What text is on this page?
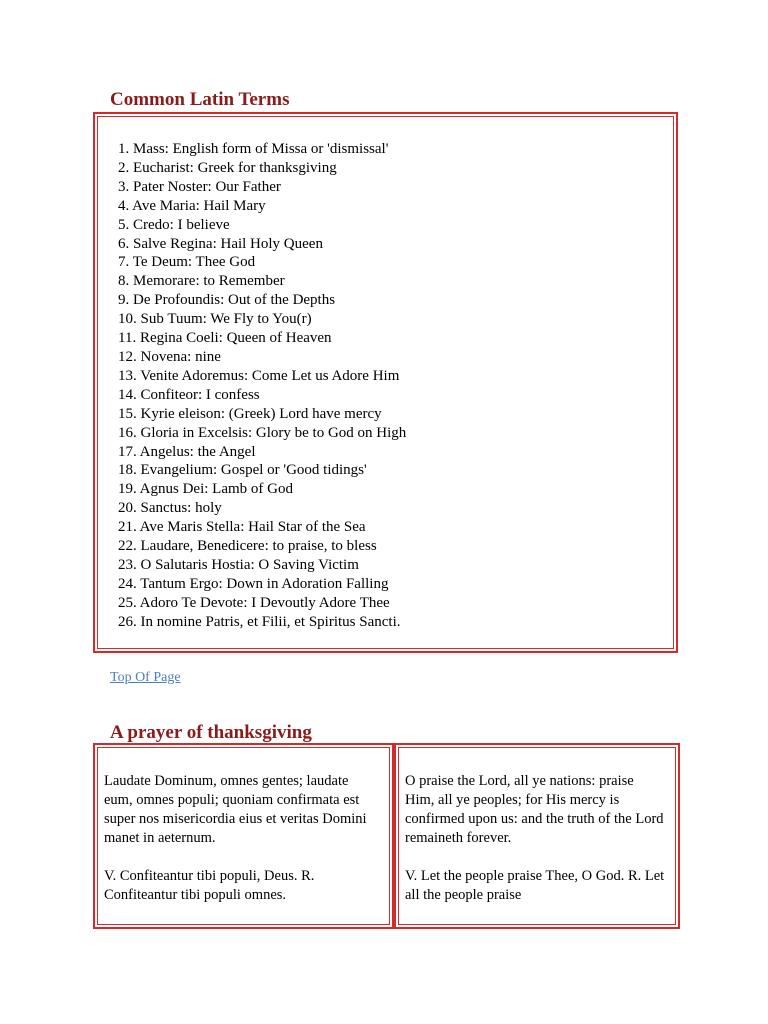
Common Latin Terms
1. Mass: English form of Missa or 'dismissal'
2. Eucharist: Greek for thanksgiving
3. Pater Noster: Our Father
4. Ave Maria: Hail Mary
5. Credo: I believe
6. Salve Regina: Hail Holy Queen
7. Te Deum: Thee God
8. Memorare: to Remember
9. De Profoundis: Out of the Depths
10. Sub Tuum: We Fly to You(r)
11. Regina Coeli: Queen of Heaven
12. Novena: nine
13. Venite Adoremus: Come Let us Adore Him
14. Confiteor: I confess
15. Kyrie eleison: (Greek) Lord have mercy
16. Gloria in Excelsis: Glory be to God on High
17. Angelus: the Angel
18. Evangelium: Gospel or 'Good tidings'
19. Agnus Dei: Lamb of God
20. Sanctus: holy
21. Ave Maris Stella: Hail Star of the Sea
22. Laudare, Benedicere: to praise, to bless
23. O Salutaris Hostia: O Saving Victim
24. Tantum Ergo: Down in Adoration Falling
25. Adoro Te Devote: I Devoutly Adore Thee
26. In nomine Patris, et Filii, et Spiritus Sancti.
Top Of Page
A prayer of thanksgiving

Laudate Dominum, omnes gentes; laudate eum, omnes populi; quoniam confirmata est super nos misericordia eius et veritas Domini manet in aeternum.

V. Confiteantur tibi populi, Deus. R. Confiteantur tibi populi omnes.

O praise the Lord, all ye nations: praise Him, all ye peoples; for His mercy is confirmed upon us: and the truth of the Lord remaineth forever.

V. Let the people praise Thee, O God. R. Let all the people praise
